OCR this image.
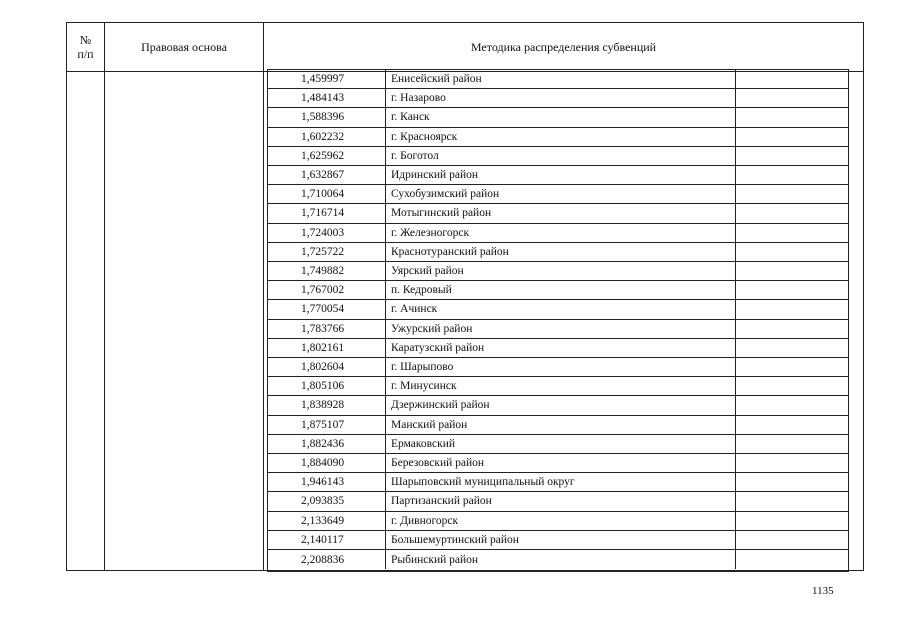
№
п/п	Правовая основа	Методика распределения субвенций
1,459997	Енисейский район
1,484143	г. Назарово
1,588396	г. Канск
1,602232	г. Красноярск
1,625962	г. Боготол
1,632867	Идринский район
1,710064	Сухобузимский район
1,716714	Мотыгинский район
1,724003	г. Железногорск
1,725722	Краснотуранский район
1,749882	Уярский район
1,767002	п. Кедровый
1,770054	г. Ачинск
1,783766	Ужурский район
1,802161	Каратузский район
1,802604	г. Шарыпово
1,805106	г. Минусинск
1,838928	Дзержинский район
1,875107	Манский район
1,882436	Ермаковский
1,884090	Березовский район
1,946143	Шарыповский муниципальный округ
2,093835	Партизанский район
2,133649	г. Дивногорск
2,140117	Большемуртинский район
2,208836	Рыбинский район
1135
